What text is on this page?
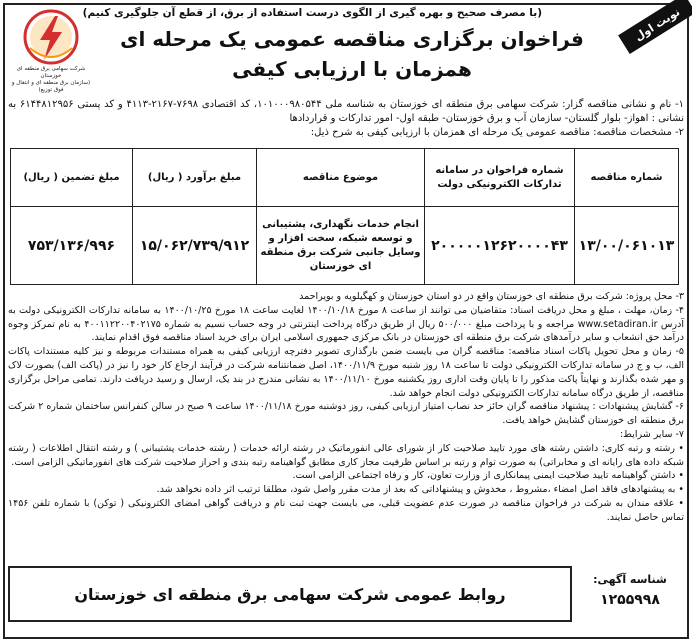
شرکت سهامی برق منطقه ای خوزستان
(سازمان برق منطقه ای و انتقال و فوق توزیع)
(با مصرف صحیح و بهره گیری از الگوی درست استفاده از برق، از قطع آن جلوگیری کنیم)
فراخوان برگزاری مناقصه عمومی یک مرحله ای
همزمان با ارزیابی کیفی
نوبت اول

۱- نام و نشانی مناقصه گزار: شرکت سهامی برق منطقه ای خوزستان به شناسه ملی ۱۰۱۰۰۰۹۸۰۵۴۴، کد اقتصادی ۷۶۹۸-۲۱۶۷-۴۱۱۳ و کد پستی ۶۱۴۴۸۱۲۹۵۶ به نشانی : اهواز- بلوار گلستان- سازمان آب و برق خوزستان- طبقه اول- امور تدارکات و قراردادها

۲- مشخصات مناقصه: مناقصه عمومی یک مرحله ای همزمان با ارزیابی کیفی به شرح ذیل:

شماره مناقصه	شماره فراخوان در سامانه تدارکات الکترونیکی دولت	موضوع مناقصه	مبلغ برآورد ( ریال)	مبلغ تضمین ( ریال)
۱۳/۰۰/۰۶۱۰۱۳	۲۰۰۰۰۰۱۲۶۲۰۰۰۰۴۳	انجام خدمات نگهداری، پشتیبانی و توسعه شبکه، سخت افزار و وسایل جانبی شرکت برق منطقه ای خوزستان	۱۵/۰۶۲/۷۳۹/۹۱۲	۷۵۳/۱۳۶/۹۹۶

۳- محل پروژه: شرکت برق منطقه ای خوزستان واقع در دو استان خوزستان و کهگیلویه و بویراحمد

۴- زمان، مهلت ، مبلغ و محل دریافت اسناد: متقاضیان می توانند از ساعت ۸ مورخ ۱۴۰۰/۱۰/۱۸ لغایت ساعت ۱۸ مورخ ۱۴۰۰/۱۰/۲۵ به سامانه تدارکات الکترونیکی دولت به آدرس www.setadiran.ir مراجعه و با پرداخت مبلغ ۵۰۰/۰۰۰ ریال از طریق درگاه پرداخت اینترنتی در وجه حساب نسیم به شماره ۴۰۰۱۱۲۲۰۰۴۰۲۱۷۵ به نام تمرکز وجوه درآمد حق انشعاب و سایر درآمدهای شرکت برق منطقه ای خوزستان در بانک مرکزی جمهوری اسلامی ایران برای خرید اسناد مناقصه فوق اقدام نمایند.

۵- زمان و محل تحویل پاکات اسناد مناقصه: مناقصه گران می بایست ضمن بارگذاری تصویر دفترچه ارزیابی کیفی به همراه مستندات مربوطه و نیز کلیه مستندات پاکات الف، ب و ج در سامانه تدارکات الکترونیکی دولت تا ساعت ۱۸ روز شنبه مورخ ۱۴۰۰/۱۱/۹، اصل ضمانتنامه شرکت در فرآیند ارجاع کار خود را نیز در (پاکت الف) بصورت لاک و مهر شده بگذارند و نهایتاً پاکت مذکور را تا پایان وقت اداری روز یکشنبه مورخ ۱۴۰۰/۱۱/۱۰ به نشانی مندرج در بند یک، ارسال و رسید دریافت دارند. تمامی مراحل برگزاری مناقصه، از طریق درگاه سامانه تدارکات الکترونیکی دولت انجام خواهد شد.

۶- گشایش پیشنهادات : پیشنهاد مناقصه گران حائز حد نصاب امتیاز ارزیابی کیفی، روز دوشنبه مورخ ۱۴۰۰/۱۱/۱۸ ساعت ۹ صبح در سالن کنفرانس ساختمان شماره ۲ شرکت برق منطقه ای خوزستان گشایش خواهد یافت.

۷- سایر شرایط:

• رشته و رتبه کاری: داشتن رشته های مورد تایید صلاحیت کار از شورای عالی انفورماتیک در رشته ارائه خدمات ( رشته خدمات پشتیبانی ) و رشته انتقال اطلاعات ( رشته شبکه داده های رایانه ای و مخابراتی) به صورت توام و رتبه بر اساس ظرفیت مجاز کاری مطابق گواهینامه رتبه بندی و احراز صلاحیت شرکت های انفورماتیکی الزامی است.

• داشتن گواهینامه تایید صلاحیت ایمنی پیمانکاری از وزارت تعاون، کار و رفاه اجتماعی الزامی است.

• به پیشنهادهای فاقد اصل امضاء ،مشروط ، مخدوش و پیشنهاداتی که بعد از مدت مقرر واصل شود، مطلقا ترتیب اثر داده نخواهد شد.

• علاقه مندان به شرکت در فراخوان مناقصه در صورت عدم عضویت قبلی، می بایست جهت ثبت نام و دریافت گواهی امضای الکترونیکی ( توکن) با شماره تلفن ۱۴۵۶ تماس حاصل نمایند.

شناسه آگهی:
۱۲۵۵۹۹۸
روابط عمومی شرکت سهامی برق منطقه ای خوزستان
